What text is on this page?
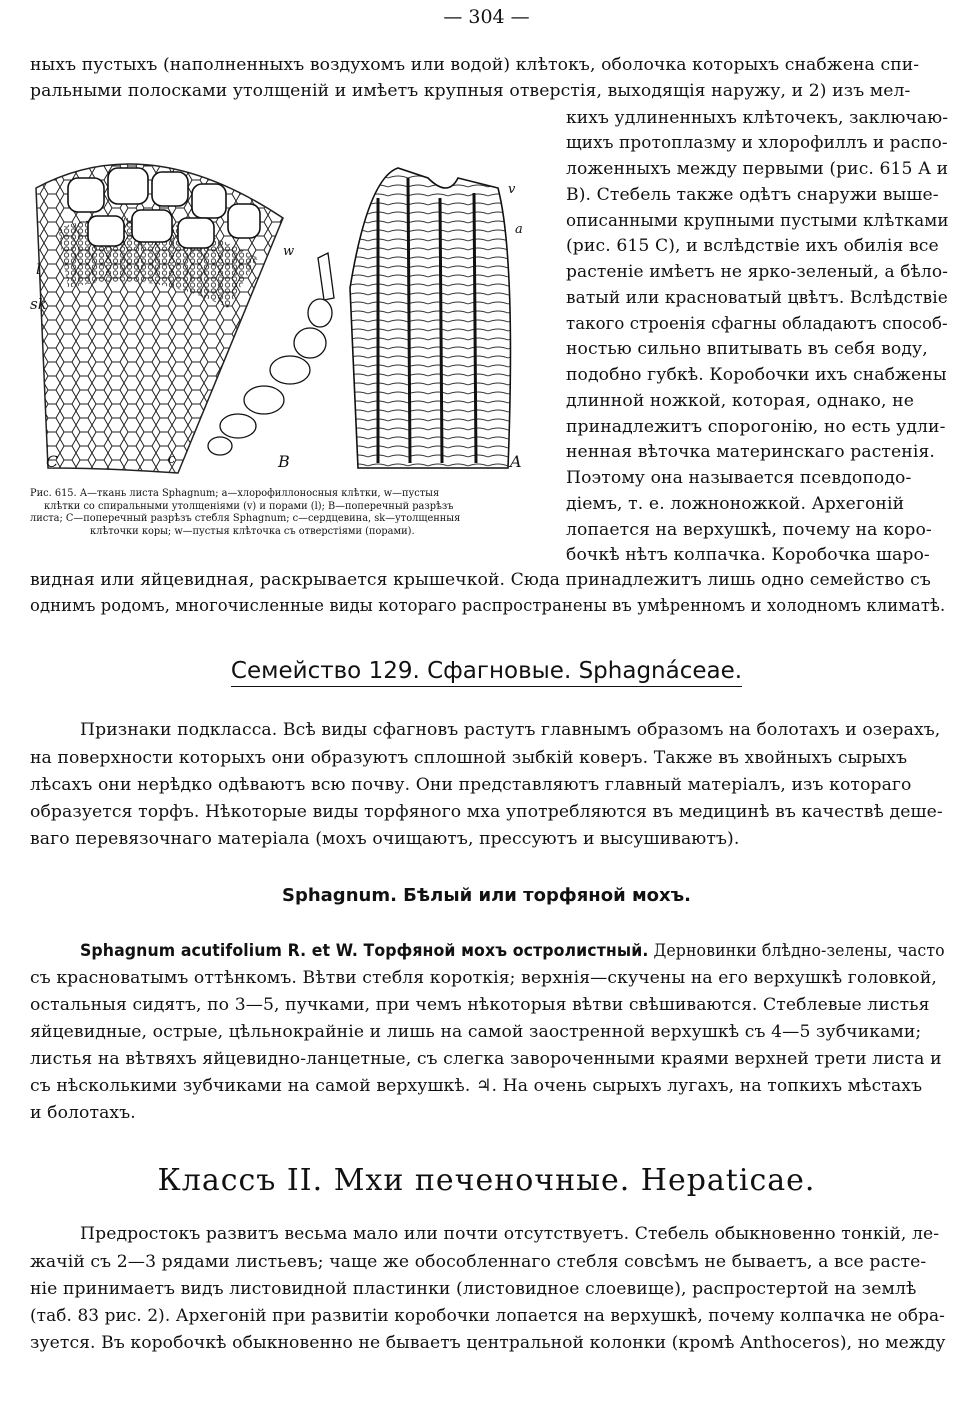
— 304 —
ныхъ пустыхъ (наполненныхъ воздухомъ или водой) клѣтокъ, оболочка которыхъ снабжена спи-
ральными полосками утолщеній и имѣетъ крупныя отверстія, выходящія наружу, и 2) изъ мел-
кихъ удлиненныхъ клѣточекъ, заключаю-
щихъ протоплазму и хлорофиллъ и распо-
ложенныхъ между первыми (рис. 615 А и
В). Стебель также одѣтъ снаружи выше-
описанными крупными пустыми клѣтками
(рис. 615 С), и вслѣдствіе ихъ обилія все
растеніе имѣетъ не ярко-зеленый, а бѣло-
ватый или красноватый цвѣтъ. Вслѣдствіе
такого строенія сфагны обладаютъ способ-
ностью сильно впитывать въ себя воду,
подобно губкѣ. Коробочки ихъ снабжены
длинной ножкой, которая, однако, не
принадлежитъ спорогонію, но есть удли-
ненная вѣточка материнскаго растенія.
Поэтому она называется псевдоподо-
діемъ, т. е. ложноножкой. Архегоній
лопается на верхушкѣ, почему на коро-
бочкѣ нѣтъ колпачка. Коробочка шаро-
C	B	A
sk
l
w
c
v
a
Рис. 615. А—ткань листа Sphagnum; а—хлорофиллоносныя клѣтки, w—пустыя
клѣтки со спиральными утолщеніями (v) и порами (l); В—поперечный разрѣзъ
листа; С—поперечный разрѣзъ стебля Sphagnum; с—сердцевина, sk—утолщенныя
клѣточки коры; w—пустыя клѣточка съ отверстіями (порами).
видная или яйцевидная, раскрывается крышечкой. Сюда принадлежитъ лишь одно семейство съ
однимъ родомъ, многочисленные виды котораго распространены въ умѣренномъ и холодномъ климатѣ.
Семейство 129. Сфагновые. Sphagnáceae.
Признаки подкласса. Всѣ виды сфагновъ растутъ главнымъ образомъ на болотахъ и озерахъ,
на поверхности которыхъ они образуютъ сплошной зыбкій коверъ. Также въ хвойныхъ сырыхъ
лѣсахъ они нерѣдко одѣваютъ всю почву. Они представляютъ главный матеріалъ, изъ котораго
образуется торфъ. Нѣкоторые виды торфяного мха употребляются въ медицинѣ въ качествѣ деше-
ваго перевязочнаго матеріала (мохъ очищаютъ, прессуютъ и высушиваютъ).
Sphagnum. Бѣлый или торфяной мохъ.
Sphagnum acutifolium R. et W. Торфяной мохъ остролистный. Дерновинки блѣдно-зелены, часто
съ красноватымъ оттѣнкомъ. Вѣтви стебля короткія; верхнія—скучены на его верхушкѣ головкой,
остальныя сидятъ, по 3—5, пучками, при чемъ нѣкоторыя вѣтви свѣшиваются. Стеблевые листья
яйцевидные, острые, цѣльнокрайніе и лишь на самой заостренной верхушкѣ съ 4—5 зубчиками;
листья на вѣтвяхъ яйцевидно-ланцетные, съ слегка завороченными краями верхней трети листа и
съ нѣсколькими зубчиками на самой верхушкѣ. ♃. На очень сырыхъ лугахъ, на топкихъ мѣстахъ
и болотахъ.
Классъ II. Мхи печеночные. Hepaticae.
Предростокъ развитъ весьма мало или почти отсутствуетъ. Стебель обыкновенно тонкій, ле-
жачій съ 2—3 рядами листьевъ; чаще же обособленнаго стебля совсѣмъ не бываетъ, а все расте-
ніе принимаетъ видъ листовидной пластинки (листовидное слоевище), распростертой на землѣ
(таб. 83 рис. 2). Архегоній при развитіи коробочки лопается на верхушкѣ, почему колпачка не обра-
зуется. Въ коробочкѣ обыкновенно не бываетъ центральной колонки (кромѣ Anthoceros), но между
